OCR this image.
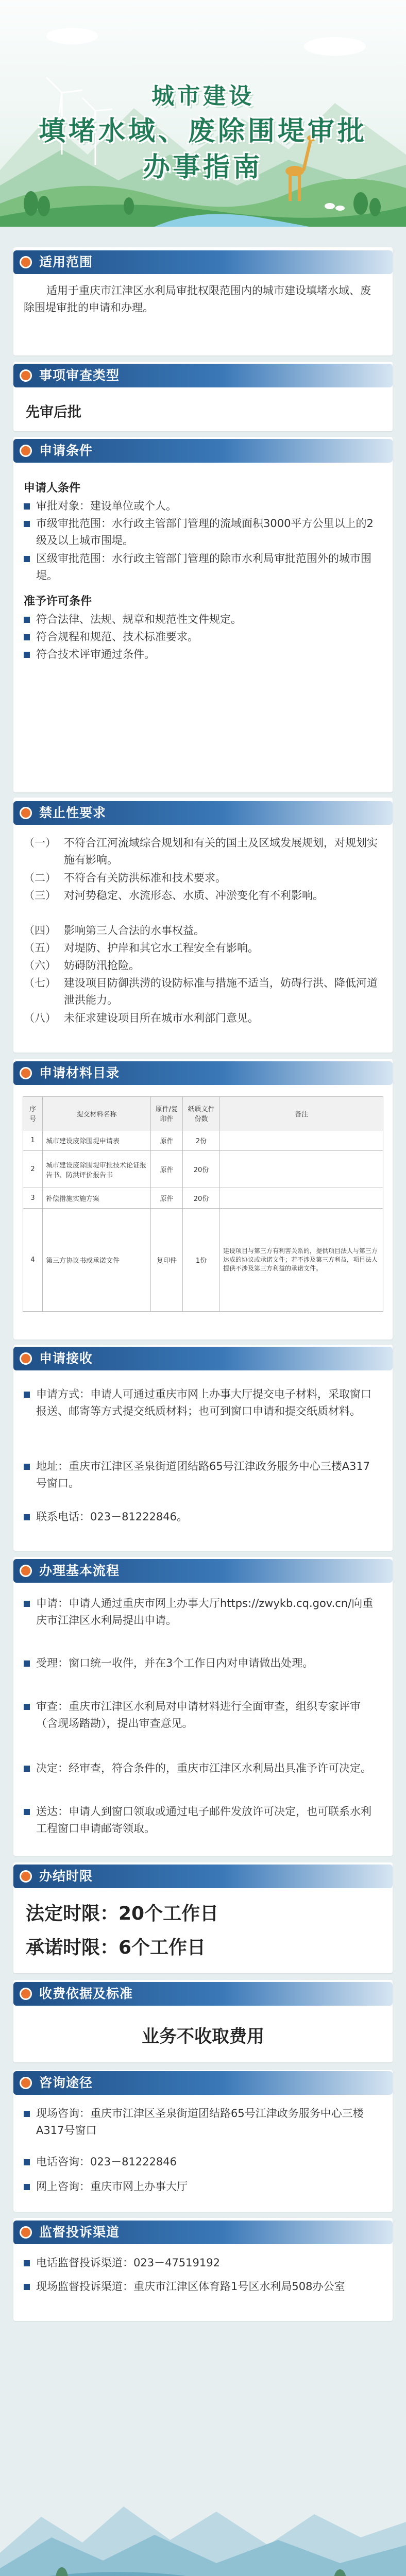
城市建设
填堵水域、废除围堤审批
办事指南
适用范围
适用于重庆市江津区水利局审批权限范围内的城市建设填堵水域、废除围堤审批的申请和办理。
事项审查类型
先审后批
申请条件
申请人条件
审批对象：建设单位或个人。
市级审批范围：水行政主管部门管理的流域面积3000平方公里以上的2级及以上城市围堤。
区级审批范围：水行政主管部门管理的除市水利局审批范围外的城市围堤。
准予许可条件
符合法律、法规、规章和规范性文件规定。
符合规程和规范、技术标准要求。
符合技术评审通过条件。
禁止性要求
（一） 不符合江河流域综合规划和有关的国土及区域发展规划，对规划实施有影响。
（二） 不符合有关防洪标准和技术要求。
（三） 对河势稳定、水流形态、水质、冲淤变化有不利影响。
（四） 影响第三人合法的水事权益。
（五） 对堤防、护岸和其它水工程安全有影响。
（六） 妨碍防汛抢险。
（七） 建设项目防御洪涝的设防标准与措施不适当，妨碍行洪、降低河道泄洪能力。
（八） 未征求建设项目所在城市水利部门意见。
申请材料目录
序号	提交材料名称	原件/复印件	纸质文件份数	备注
1	城市建设废除围堤申请表	原件	2份	
2	城市建设废除围堤审批技术论证报告书、防洪评价报告书	原件	20份	
3	补偿措施实施方案	原件	20份	
4	第三方协议书或承诺文件	复印件	1份	建设项目与第三方有利害关系的，提供项目法人与第三方达成的协议或承诺文件；若不涉及第三方利益，项目法人提供不涉及第三方利益的承诺文件。
申请接收
申请方式：申请人可通过重庆市网上办事大厅提交电子材料，采取窗口报送、邮寄等方式提交纸质材料；也可到窗口申请和提交纸质材料。
地址：重庆市江津区圣泉街道团结路65号江津政务服务中心三楼A317号窗口。
联系电话：023－81222846。
办理基本流程
申请：申请人通过重庆市网上办事大厅https://zwykb.cq.gov.cn/向重庆市江津区水利局提出申请。
受理：窗口统一收件，并在3个工作日内对申请做出处理。
审查：重庆市江津区水利局对申请材料进行全面审查，组织专家评审（含现场踏勘），提出审查意见。
决定：经审查，符合条件的，重庆市江津区水利局出具准予许可决定。
送达：申请人到窗口领取或通过电子邮件发放许可决定，也可联系水利工程窗口申请邮寄领取。
办结时限
法定时限：20个工作日
承诺时限：6个工作日
收费依据及标准
业务不收取费用
咨询途径
现场咨询：重庆市江津区圣泉街道团结路65号江津政务服务中心三楼A317号窗口
电话咨询：023－81222846
网上咨询：重庆市网上办事大厅
监督投诉渠道
电话监督投诉渠道：023－47519192
现场监督投诉渠道：重庆市江津区体育路1号区水利局508办公室
